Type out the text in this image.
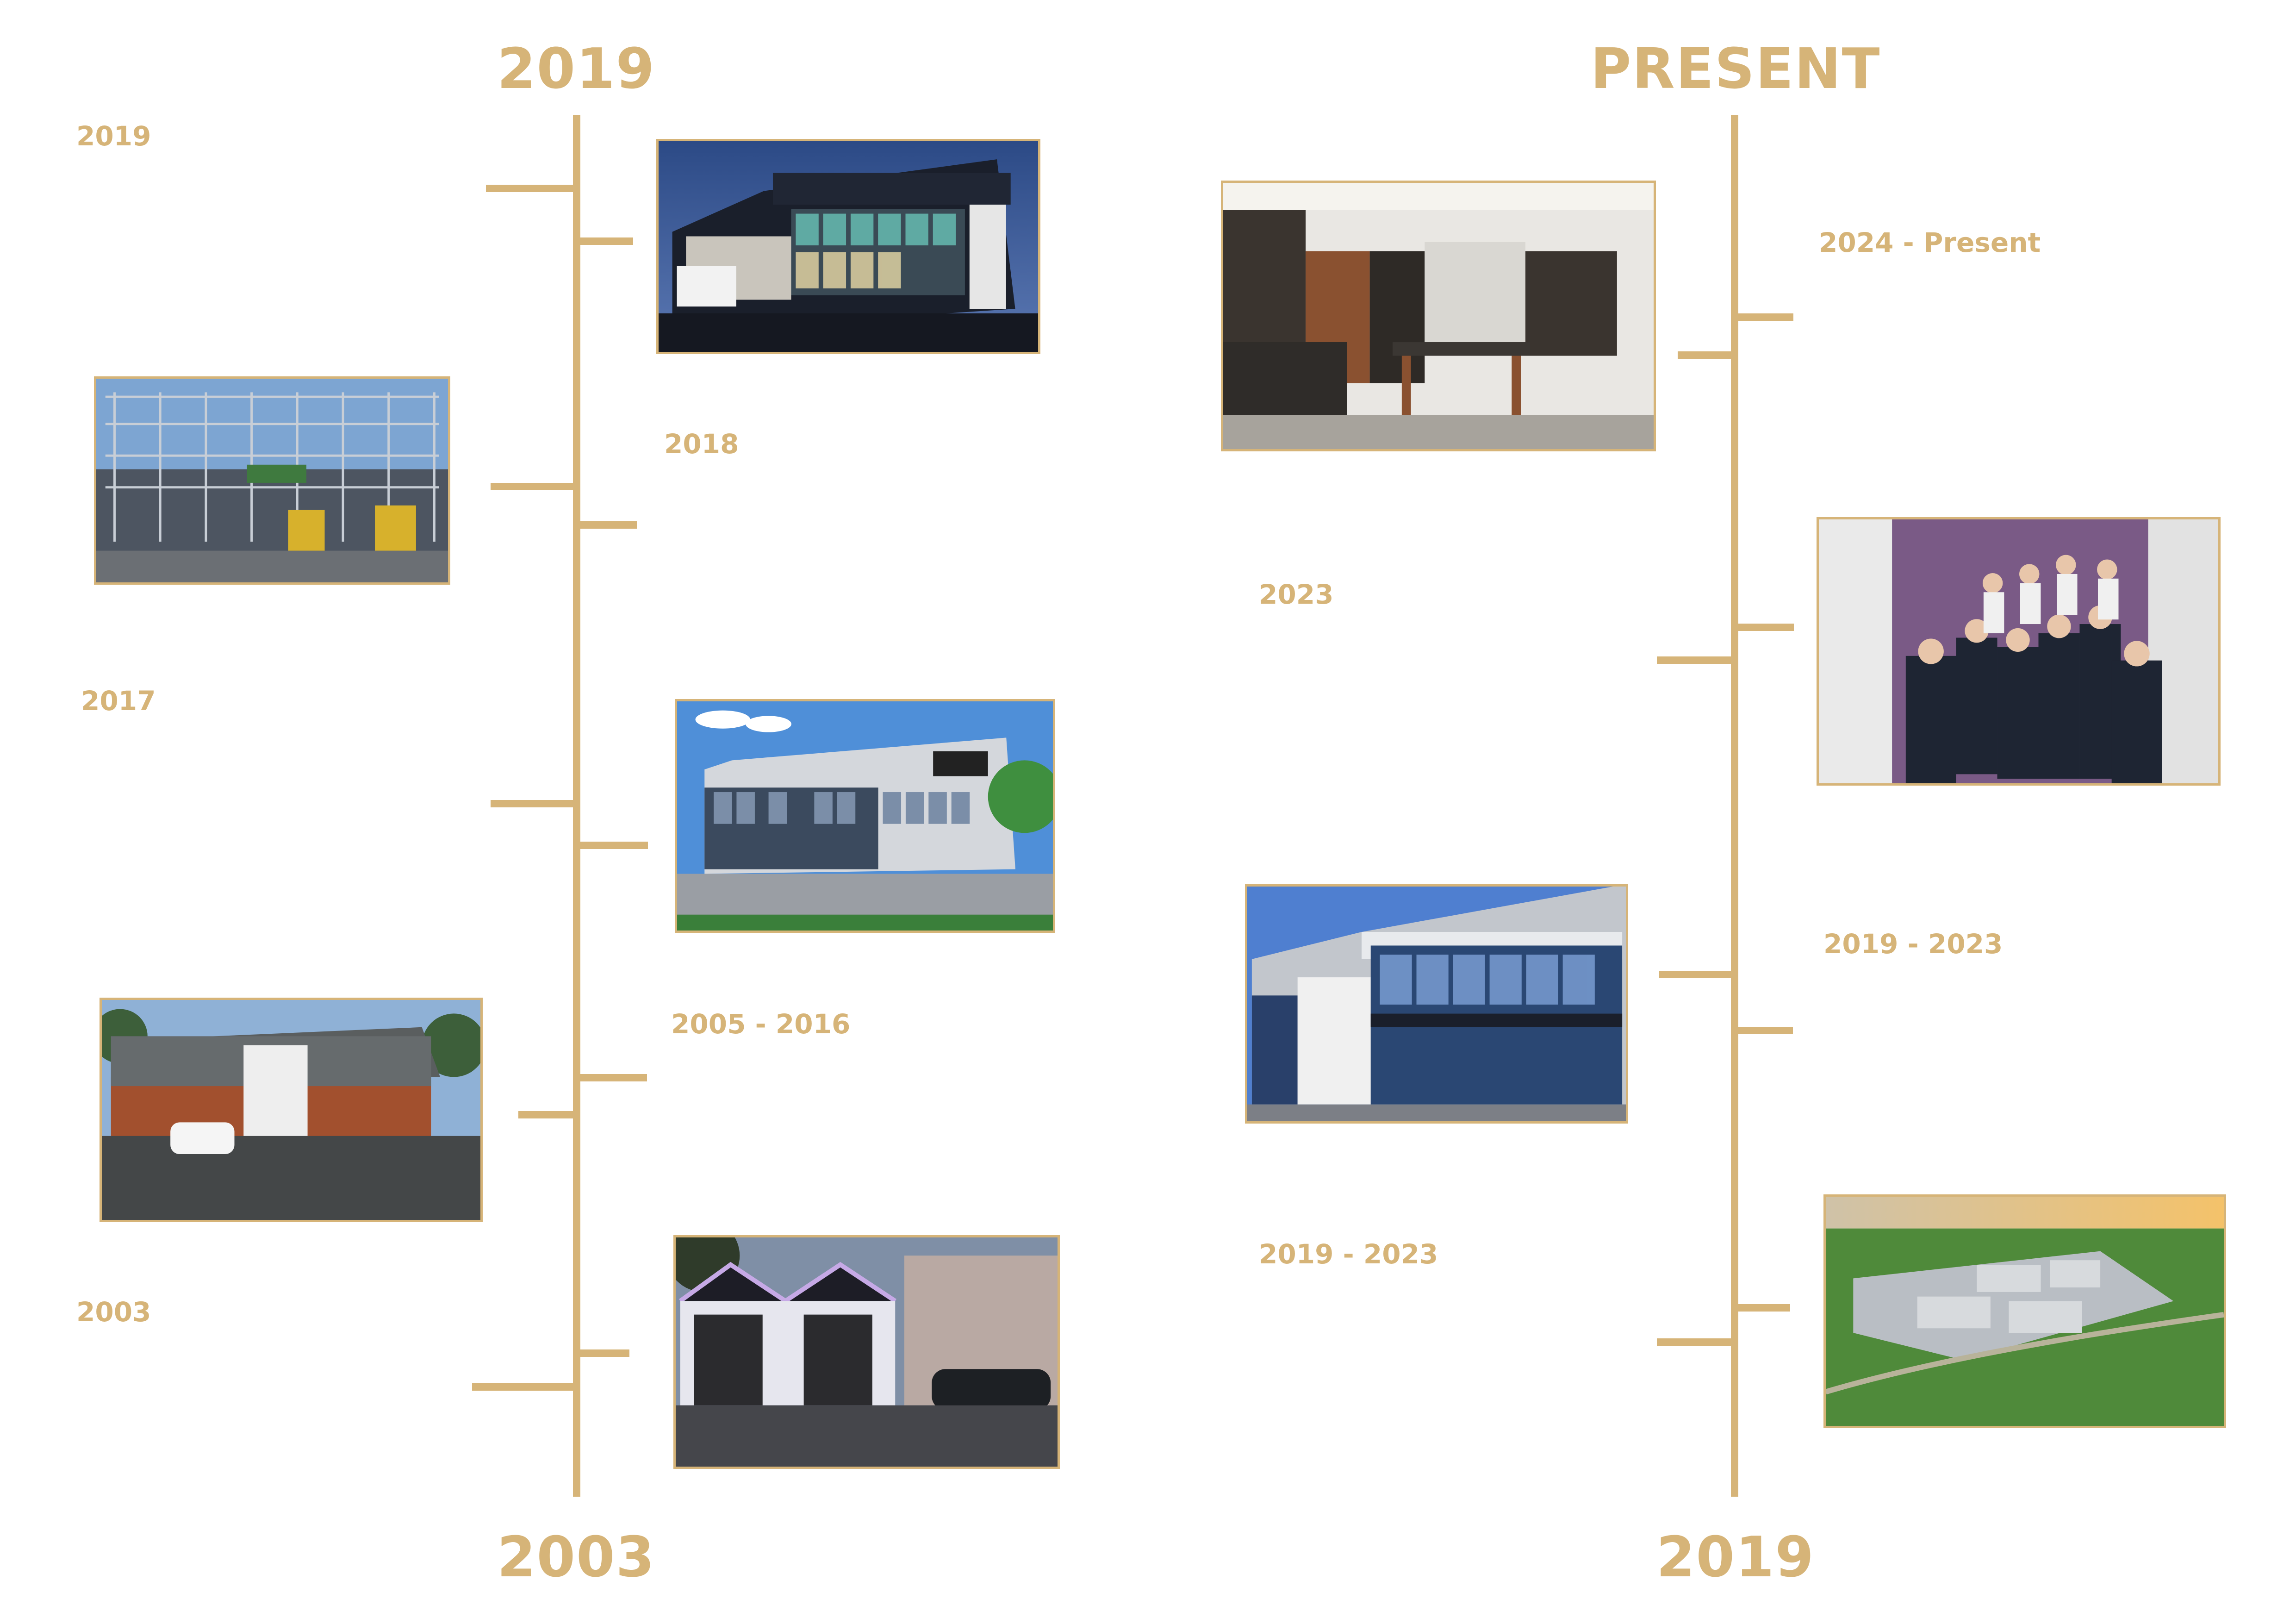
2019
2003
2019
2018
2017
2005 - 2016
2003
PRESENT
2019
2024 - Present
2023
2019 - 2023
2019 - 2023
